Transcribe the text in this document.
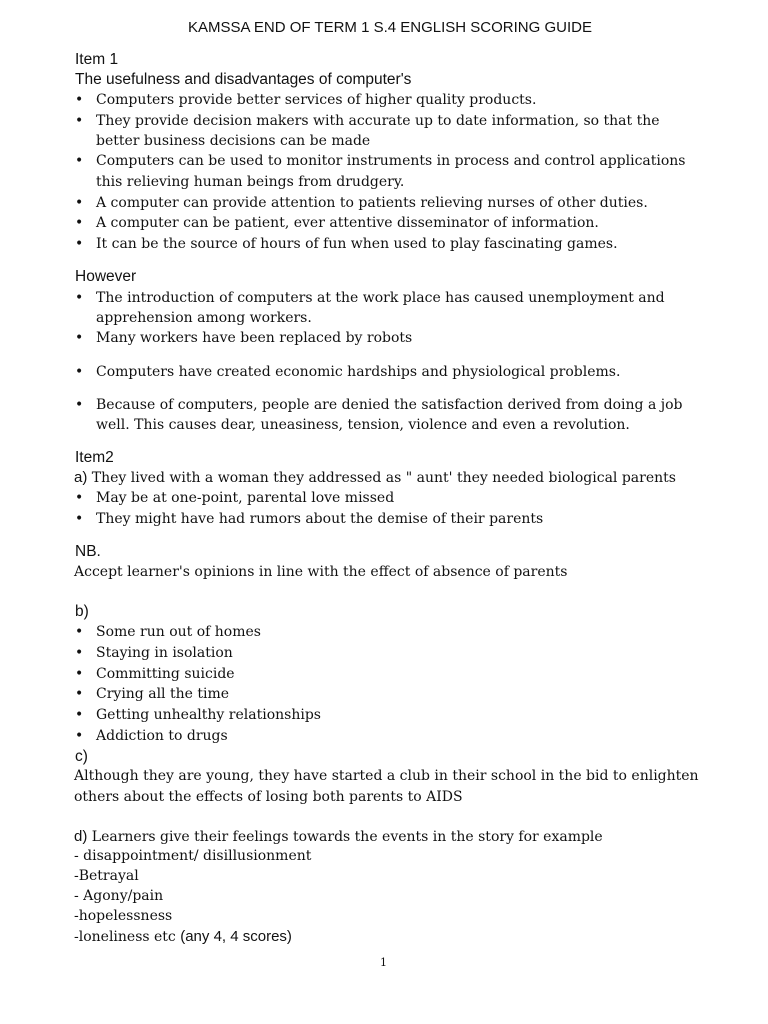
KAMSSA END OF TERM 1 S.4 ENGLISH SCORING GUIDE
Item 1
The usefulness and disadvantages of computer's
• Computers provide better services of higher quality products.
• They provide decision makers with accurate up to date information, so that the
better business decisions can be made
• Computers can be used to monitor instruments in process and control applications
this relieving human beings from drudgery.
• A computer can provide attention to patients relieving nurses of other duties.
• A computer can be patient, ever attentive disseminator of information.
• It can be the source of hours of fun when used to play fascinating games.
However
• The introduction of computers at the work place has caused unemployment and
apprehension among workers.
• Many workers have been replaced by robots
• Computers have created economic hardships and physiological problems.
• Because of computers, people are denied the satisfaction derived from doing a job
well. This causes dear, uneasiness, tension, violence and even a revolution.
Item2
a) They lived with a woman they addressed as " aunt' they needed biological parents
• May be at one-point, parental love missed
• They might have had rumors about the demise of their parents
NB.
Accept learner's opinions in line with the effect of absence of parents
b)
• Some run out of homes
• Staying in isolation
• Committing suicide
• Crying all the time
• Getting unhealthy relationships
• Addiction to drugs
c)
Although they are young, they have started a club in their school in the bid to enlighten
others about the effects of losing both parents to AIDS
d) Learners give their feelings towards the events in the story for example
- disappointment/ disillusionment
-Betrayal
- Agony/pain
-hopelessness
-loneliness etc (any 4, 4 scores)
1
